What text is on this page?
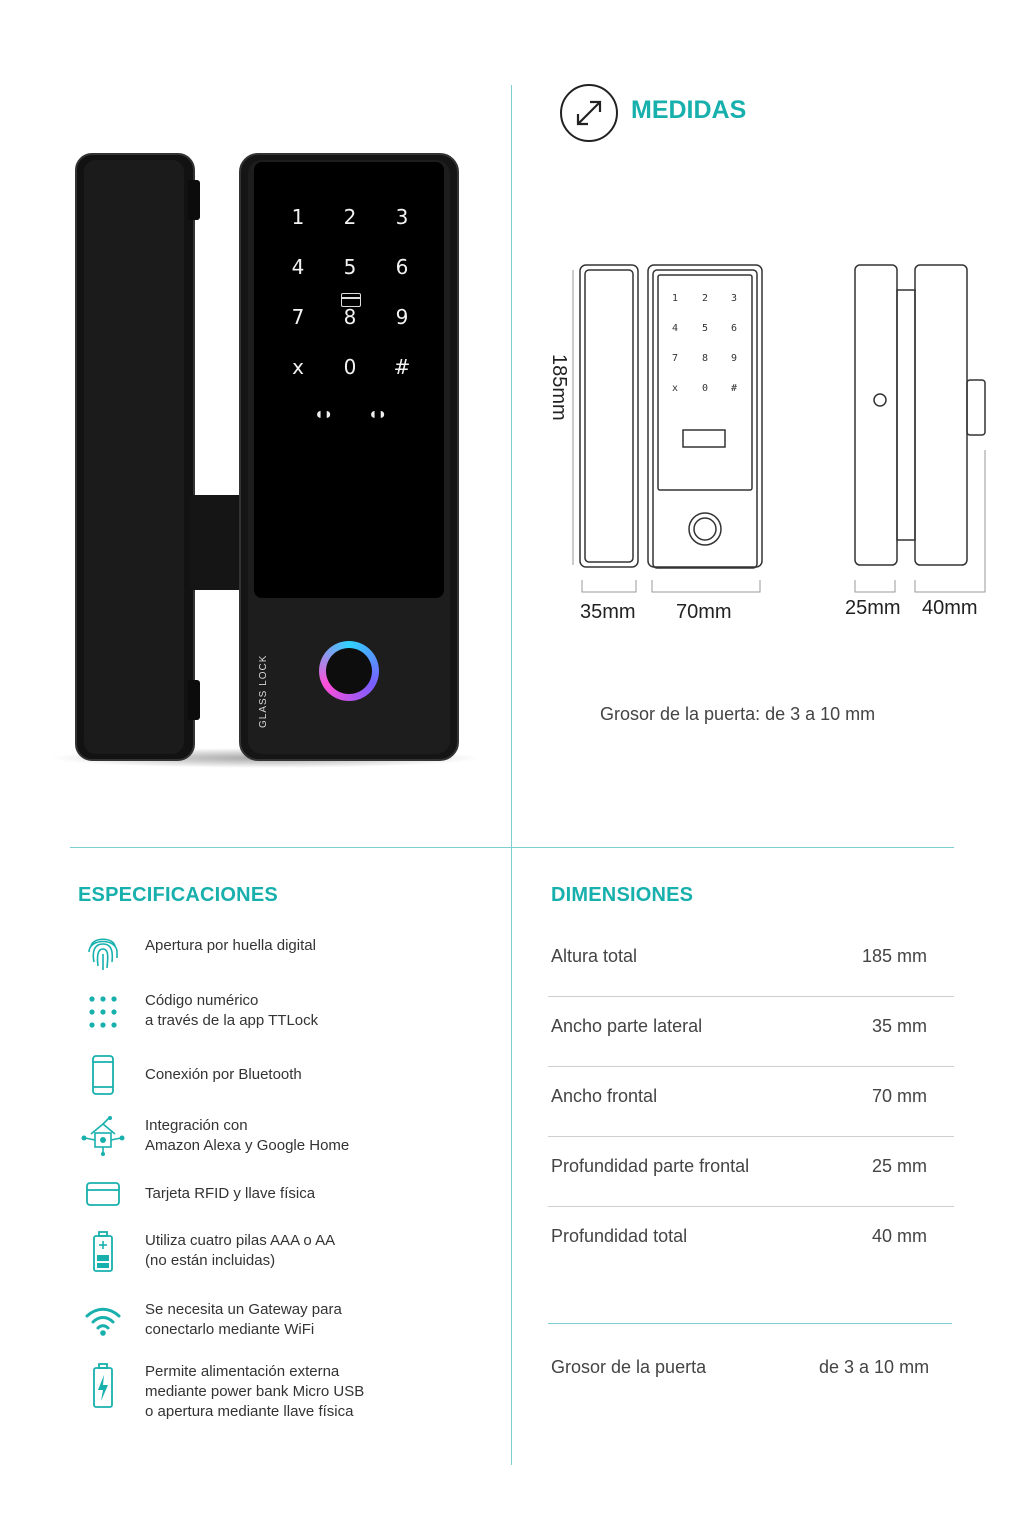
1	2	3
4	5	6
7	8	9
x	0	#
◖◗ ◖◗
GLASS LOCK
MEDIDAS
1 2 3
4 5 6
7 8 9
x 0 #
185mm
35mm 70mm	25mm 40mm
Grosor de la puerta: de 3 a 10 mm
ESPECIFICACIONES
Apertura por huella digital
Código numérico
a través de la app TTLock
Conexión por Bluetooth
Integración con
Amazon Alexa y Google Home
Tarjeta RFID y llave física
Utiliza cuatro pilas AAA o AA
(no están incluidas)
Se necesita un Gateway para
conectarlo mediante WiFi
Permite alimentación externa
mediante power bank Micro USB
o apertura mediante llave física
DIMENSIONES
Altura total	185 mm
Ancho parte lateral	35 mm
Ancho frontal	70 mm
Profundidad parte frontal	25 mm
Profundidad total	40 mm
Grosor de la puerta	de 3 a 10 mm
